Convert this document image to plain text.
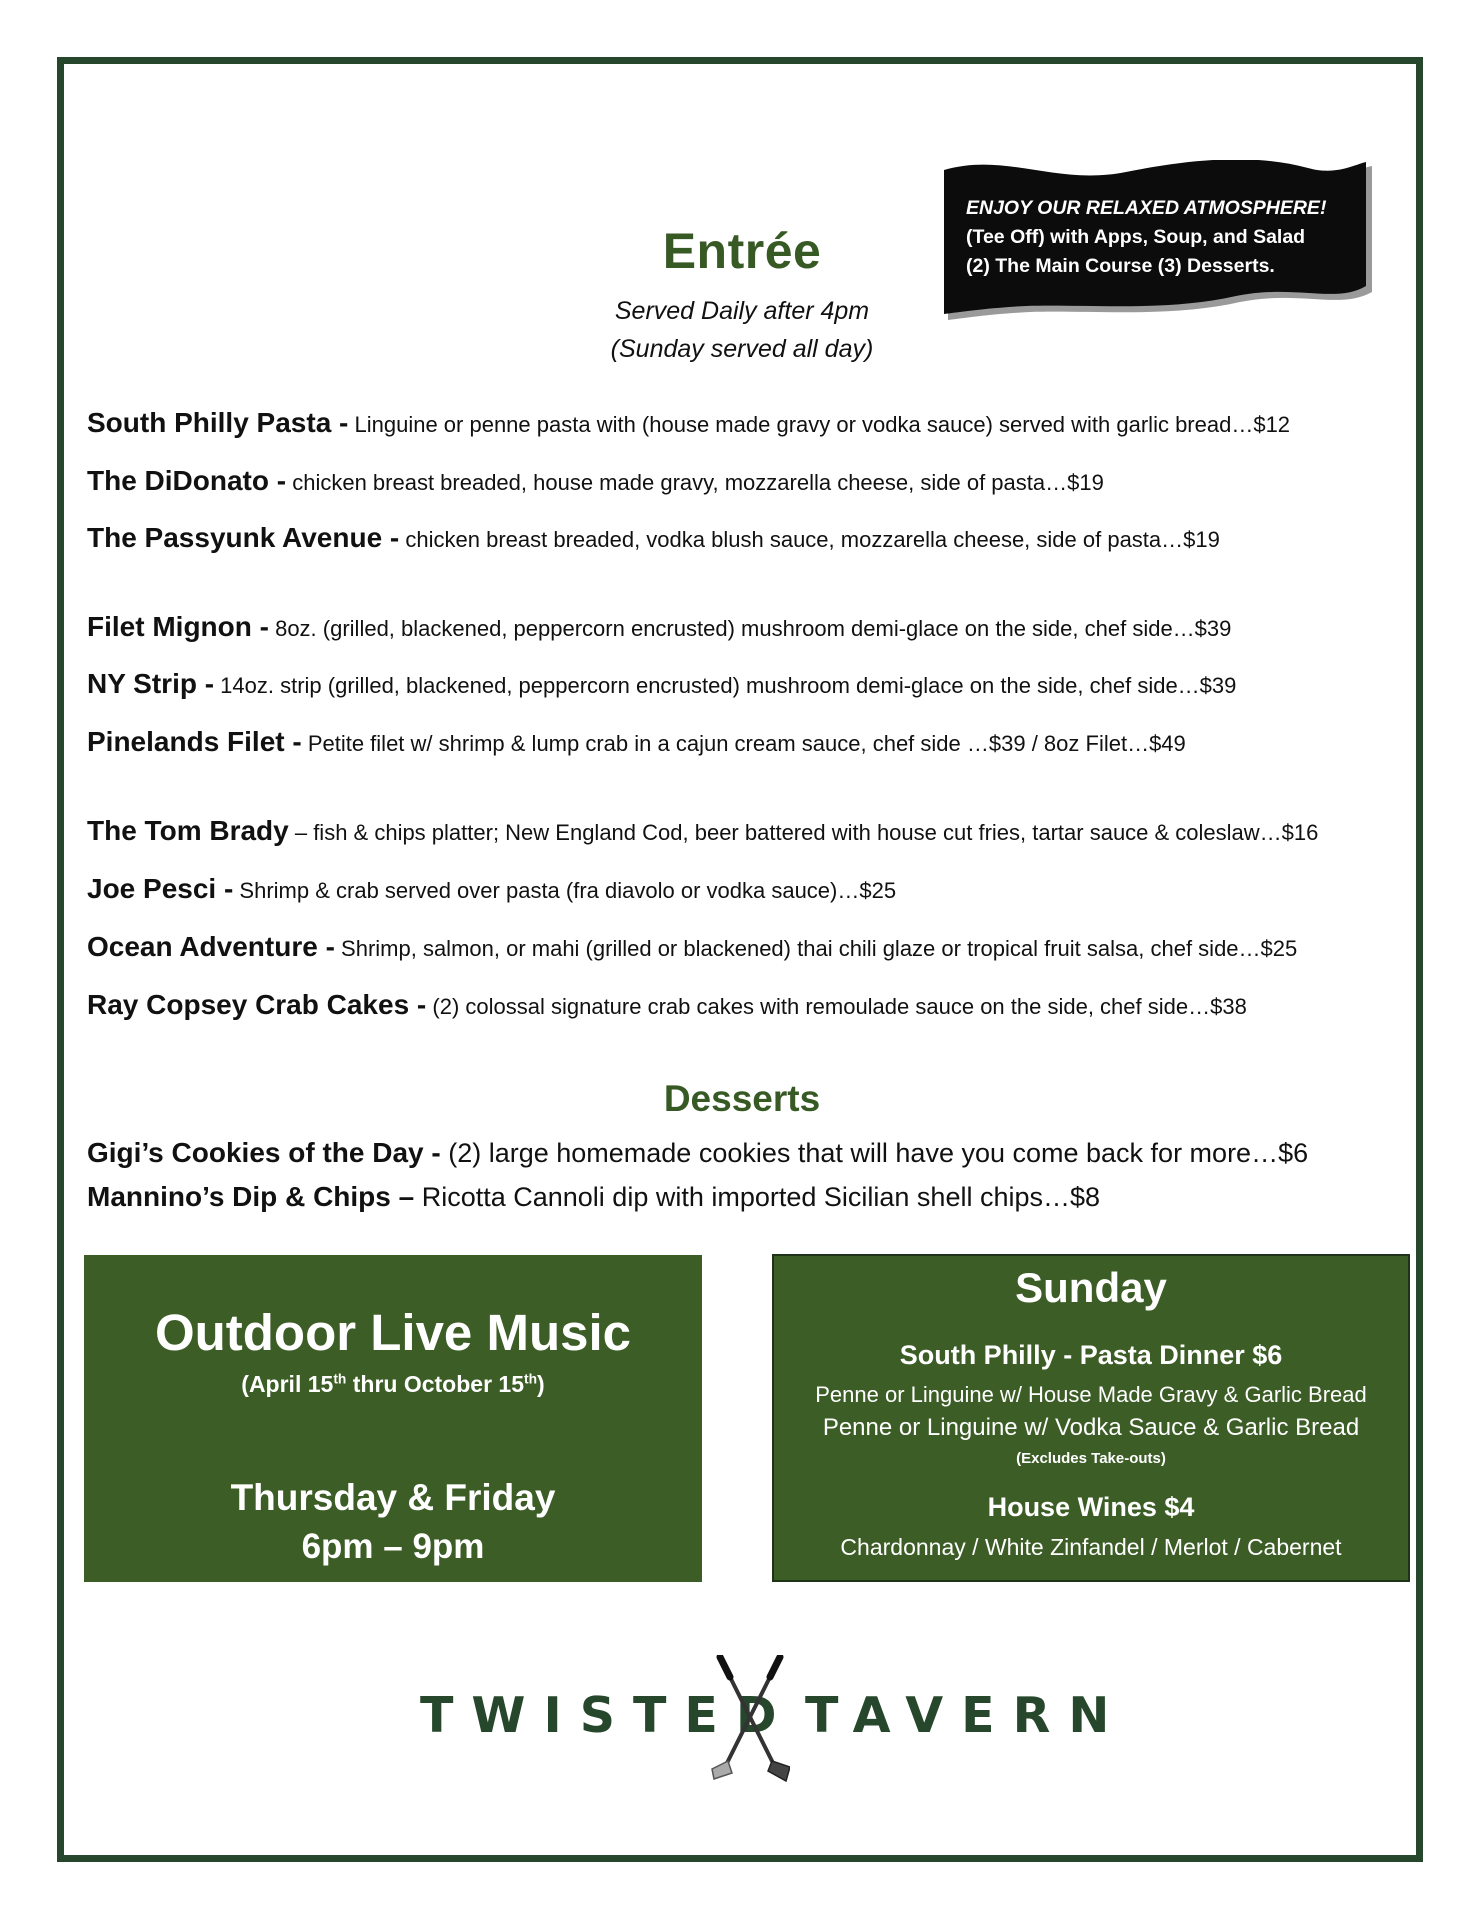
ENJOY OUR RELAXED ATMOSPHERE!
(Tee Off) with Apps, Soup, and Salad
(2) The Main Course (3) Desserts.
Entrée
Served Daily after 4pm
(Sunday served all day)
South Philly Pasta - Linguine or penne pasta with (house made gravy or vodka sauce) served with garlic bread…$12
The DiDonato - chicken breast breaded, house made gravy, mozzarella cheese, side of pasta…$19
The Passyunk Avenue - chicken breast breaded, vodka blush sauce, mozzarella cheese, side of pasta…$19
Filet Mignon - 8oz. (grilled, blackened, peppercorn encrusted) mushroom demi-glace on the side, chef side…$39
NY Strip - 14oz. strip (grilled, blackened, peppercorn encrusted) mushroom demi-glace on the side, chef side…$39
Pinelands Filet - Petite filet w/ shrimp & lump crab in a cajun cream sauce, chef side …$39 / 8oz Filet…$49
The Tom Brady – fish & chips platter; New England Cod, beer battered with house cut fries, tartar sauce & coleslaw…$16
Joe Pesci - Shrimp & crab served over pasta (fra diavolo or vodka sauce)…$25
Ocean Adventure - Shrimp, salmon, or mahi (grilled or blackened) thai chili glaze or tropical fruit salsa, chef side…$25
Ray Copsey Crab Cakes - (2) colossal signature crab cakes with remoulade sauce on the side, chef side…$38
Desserts
Gigi’s Cookies of the Day - (2) large homemade cookies that will have you come back for more…$6
Mannino’s Dip & Chips – Ricotta Cannoli dip with imported Sicilian shell chips…$8
Outdoor Live Music
(April 15th thru October 15th)
Thursday & Friday
6pm – 9pm
Sunday
South Philly - Pasta Dinner $6
Penne or Linguine w/ House Made Gravy & Garlic Bread
Penne or Linguine w/ Vodka Sauce & Garlic Bread
(Excludes Take-outs)
House Wines $4
Chardonnay / White Zinfandel / Merlot / Cabernet
TWISTED TAVERN
